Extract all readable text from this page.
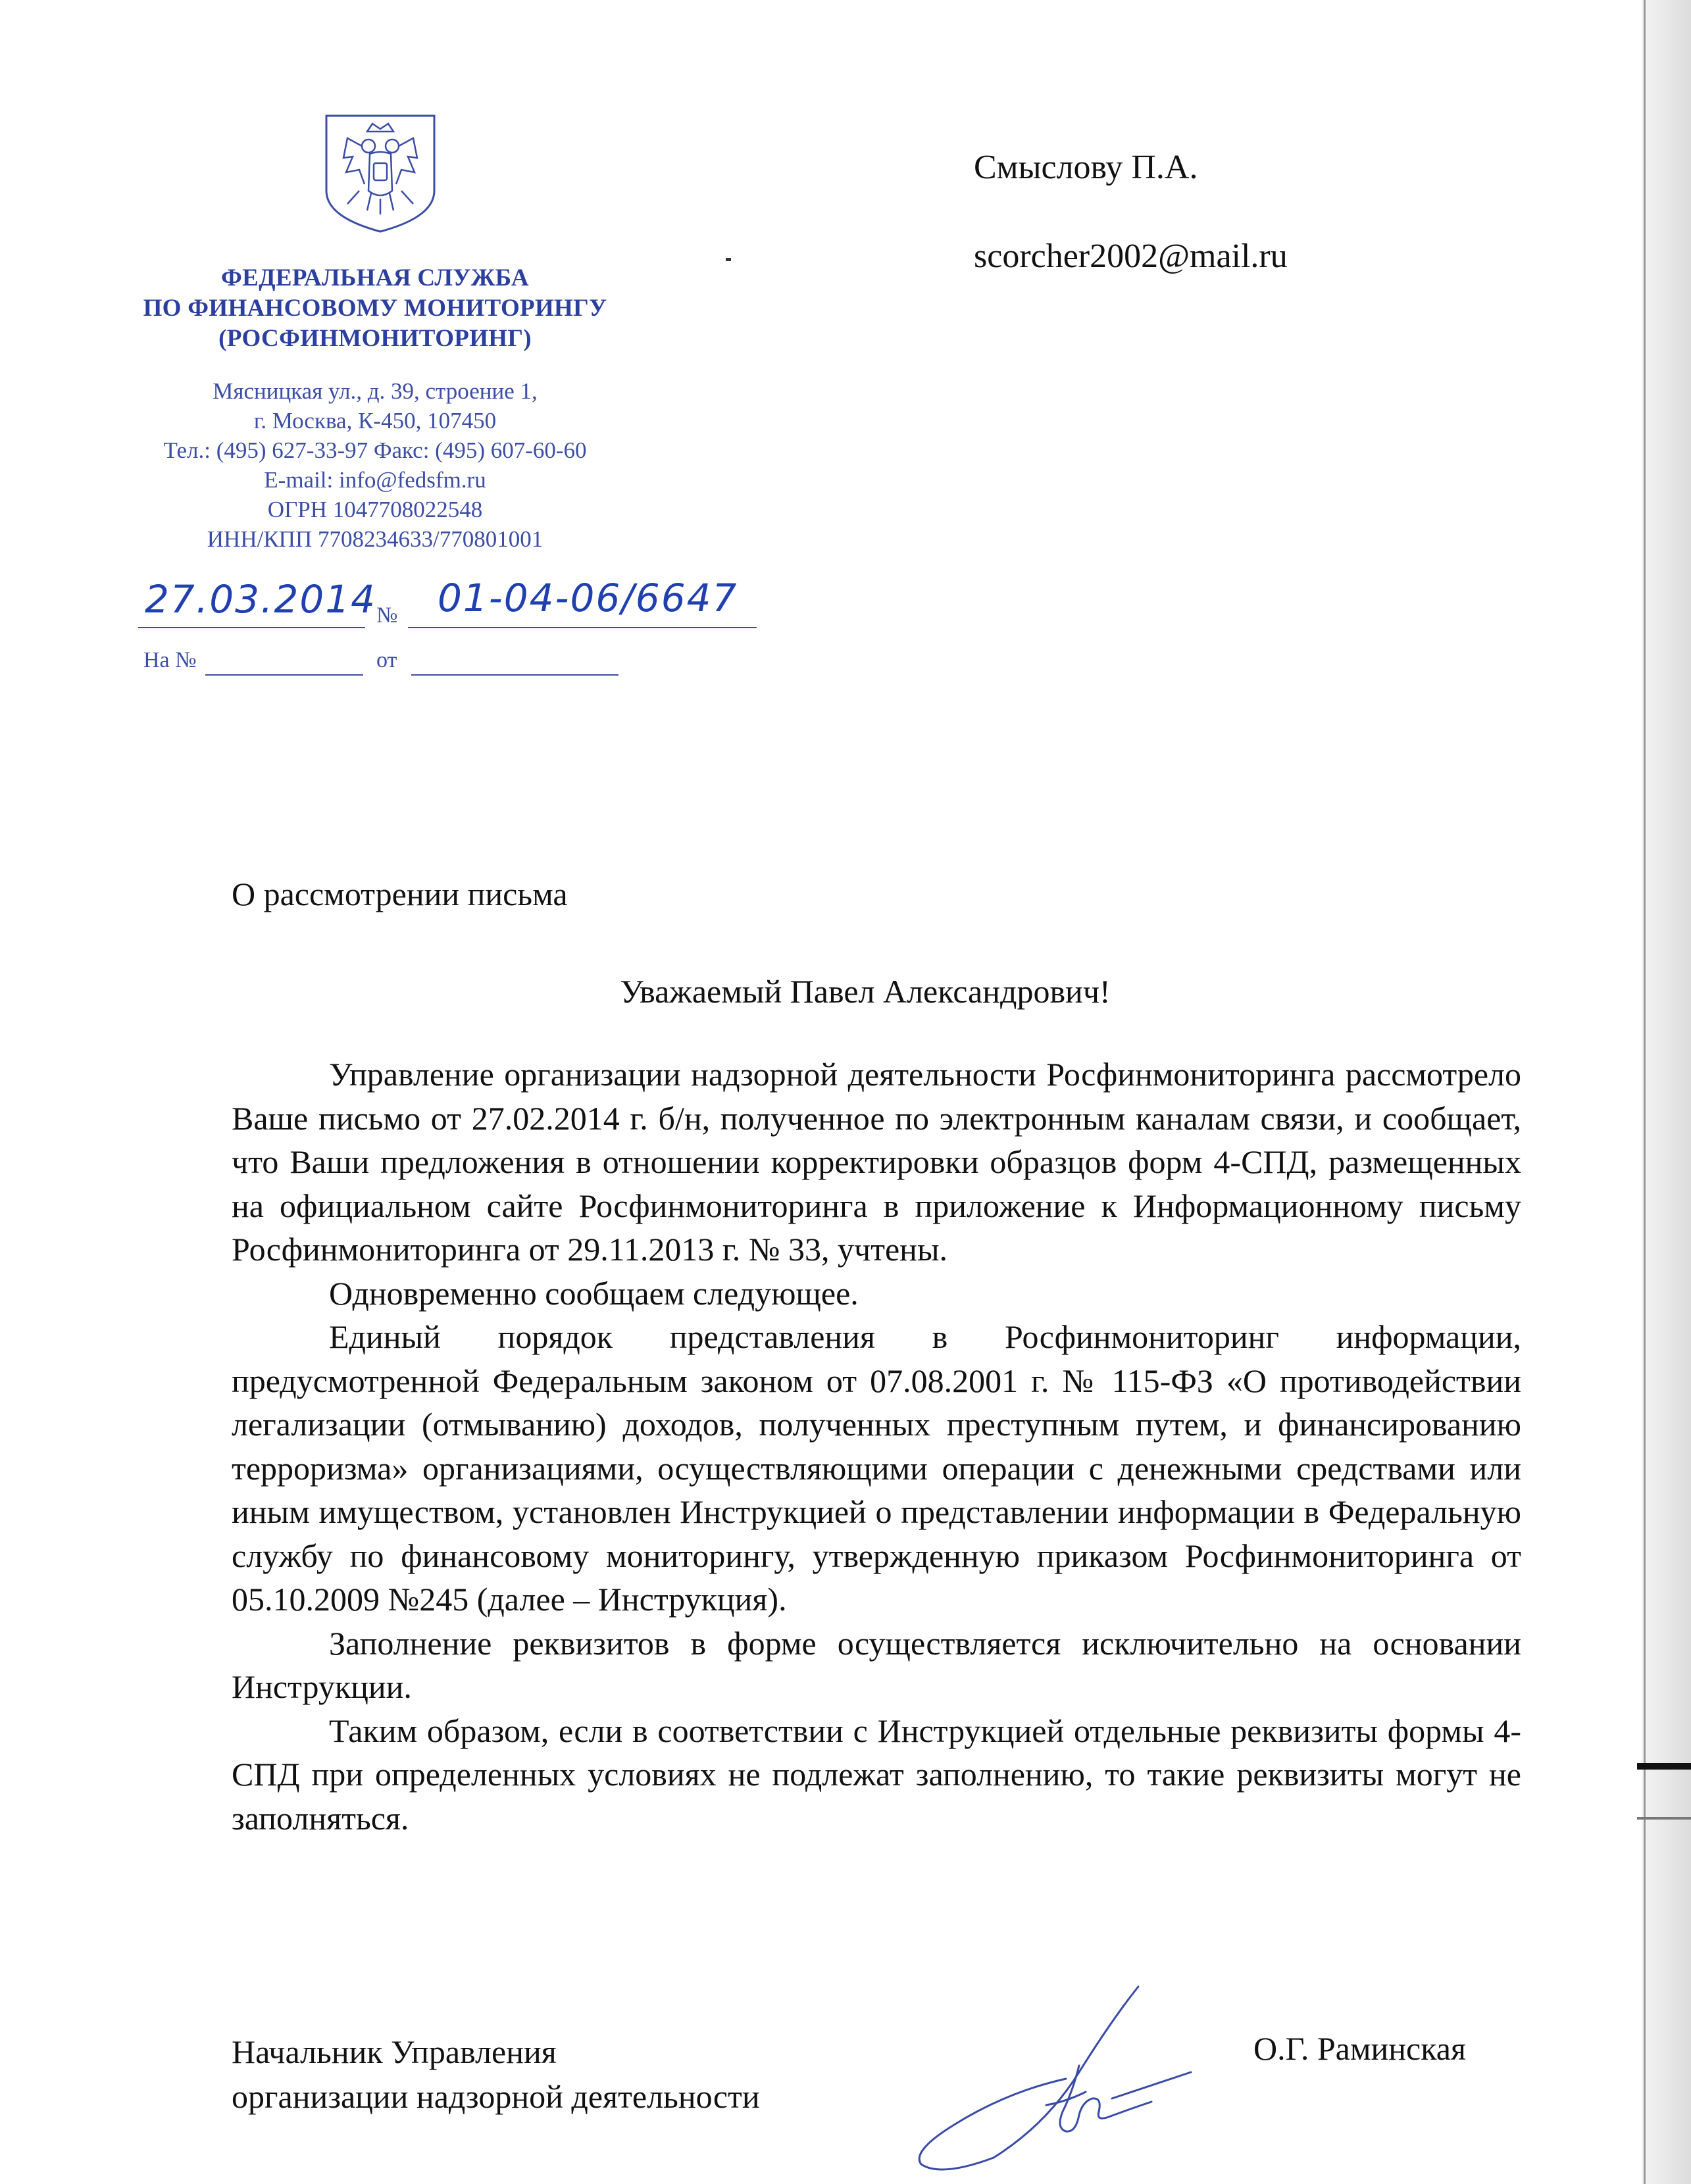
ФЕДЕРАЛЬНАЯ СЛУЖБА
ПО ФИНАНСОВОМУ МОНИТОРИНГУ
(РОСФИНМОНИТОРИНГ)
Мясницкая ул., д. 39, строение 1,
г. Москва, К-450, 107450
Тел.: (495) 627-33-97 Факс: (495) 607-60-60
E-mail: info@fedsfm.ru
ОГРН 1047708022548
ИНН/КПП 7708234633/770801001
27.03.2014 № 01-04-06/6647
На №	от
Смыслову П.А.
scorcher2002@mail.ru
О рассмотрении письма
Уважаемый Павел Александрович!
Управление организации надзорной деятельности Росфинмониторинга рассмотрело Ваше письмо от 27.02.2014 г. б/н, полученное по электронным каналам связи, и сообщает, что Ваши предложения в отношении корректировки образцов форм 4-СПД, размещенных на официальном сайте Росфинмониторинга в приложение к Информационному письму Росфинмониторинга от 29.11.2013 г. № 33, учтены.
Одновременно сообщаем следующее.
Единый порядок представления в Росфинмониторинг информации, предусмотренной Федеральным законом от 07.08.2001 г. № 115-ФЗ «О противодействии легализации (отмыванию) доходов, полученных преступным путем, и финансированию терроризма» организациями, осуществляющими операции с денежными средствами или иным имуществом, установлен Инструкцией о представлении информации в Федеральную службу по финансовому мониторингу, утвержденную приказом Росфинмониторинга от 05.10.2009 №245 (далее – Инструкция).
Заполнение реквизитов в форме осуществляется исключительно на основании Инструкции.
Таким образом, если в соответствии с Инструкцией отдельные реквизиты формы 4-СПД при определенных условиях не подлежат заполнению, то такие реквизиты могут не заполняться.
Начальник Управления
организации надзорной деятельности
О.Г. Раминская
